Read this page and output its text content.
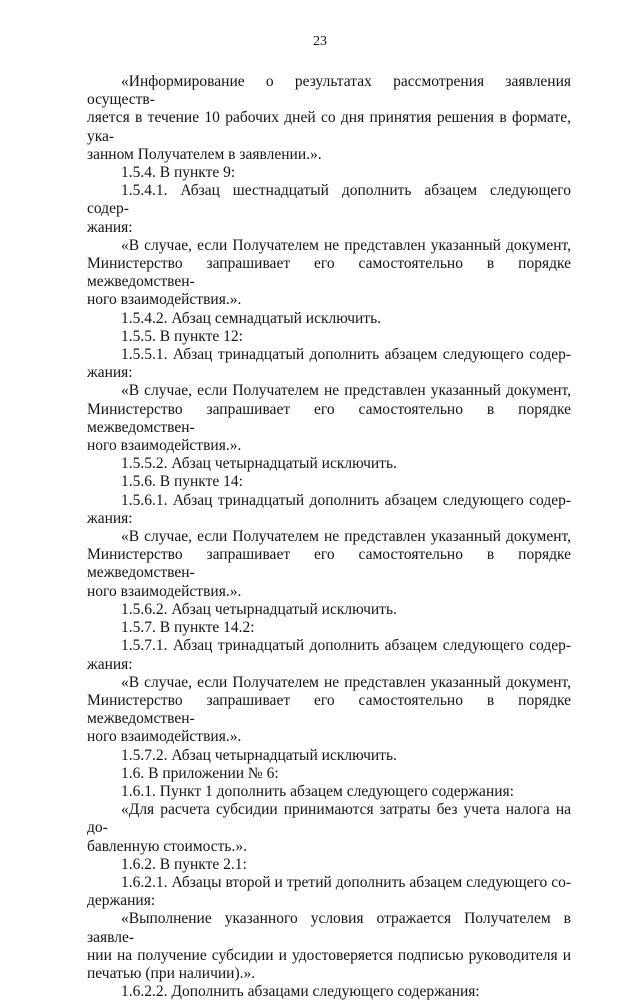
23
«Информирование о результатах рассмотрения заявления осуществ-
ляется в течение 10 рабочих дней со дня принятия решения в формате, ука-
занном Получателем в заявлении.».
1.5.4. В пункте 9:
1.5.4.1. Абзац шестнадцатый дополнить абзацем следующего содер-
жания:
«В случае, если Получателем не представлен указанный документ,
Министерство запрашивает его самостоятельно в порядке межведомствен-
ного взаимодействия.».
1.5.4.2. Абзац семнадцатый исключить.
1.5.5. В пункте 12:
1.5.5.1. Абзац тринадцатый дополнить абзацем следующего содер-
жания:
«В случае, если Получателем не представлен указанный документ,
Министерство запрашивает его самостоятельно в порядке межведомствен-
ного взаимодействия.».
1.5.5.2. Абзац четырнадцатый исключить.
1.5.6. В пункте 14:
1.5.6.1. Абзац тринадцатый дополнить абзацем следующего содер-
жания:
«В случае, если Получателем не представлен указанный документ,
Министерство запрашивает его самостоятельно в порядке межведомствен-
ного взаимодействия.».
1.5.6.2. Абзац четырнадцатый исключить.
1.5.7. В пункте 14.2:
1.5.7.1. Абзац тринадцатый дополнить абзацем следующего содер-
жания:
«В случае, если Получателем не представлен указанный документ,
Министерство запрашивает его самостоятельно в порядке межведомствен-
ного взаимодействия.».
1.5.7.2. Абзац четырнадцатый исключить.
1.6. В приложении № 6:
1.6.1. Пункт 1 дополнить абзацем следующего содержания:
«Для расчета субсидии принимаются затраты без учета налога на до-
бавленную стоимость.».
1.6.2. В пункте 2.1:
1.6.2.1. Абзацы второй и третий дополнить абзацем следующего со-
держания:
«Выполнение указанного условия отражается Получателем в заявле-
нии на получение субсидии и удостоверяется подписью руководителя и
печатью (при наличии).».
1.6.2.2. Дополнить абзацами следующего содержания:
